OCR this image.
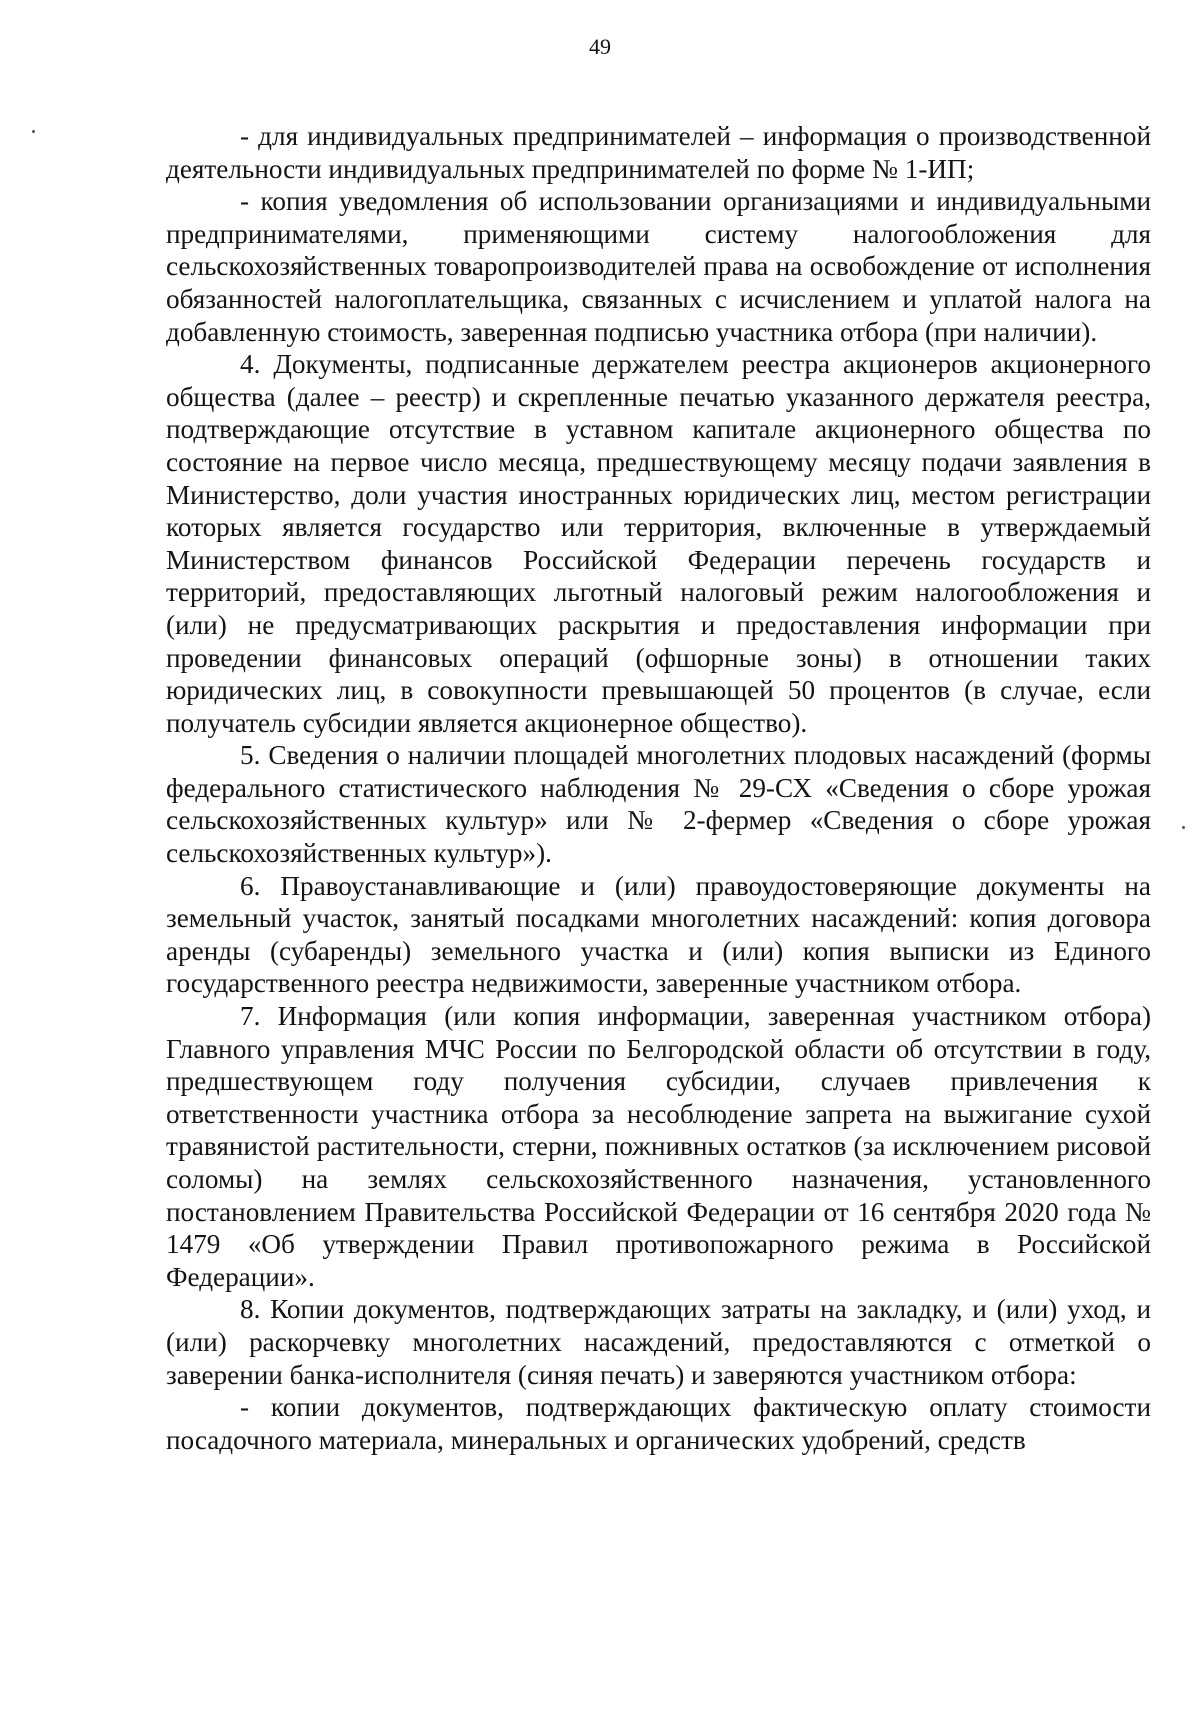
49

- для индивидуальных предпринимателей – информация о производственной деятельности индивидуальных предпринимателей по форме № 1-ИП;

- копия уведомления об использовании организациями и индивидуальными предпринимателями, применяющими систему налогообложения для сельскохозяйственных товаропроизводителей права на освобождение от исполнения обязанностей налогоплательщика, связанных с исчислением и уплатой налога на добавленную стоимость, заверенная подписью участника отбора (при наличии).

4. Документы, подписанные держателем реестра акционеров акционерного общества (далее – реестр) и скрепленные печатью указанного держателя реестра, подтверждающие отсутствие в уставном капитале акционерного общества по состояние на первое число месяца, предшествующему месяцу подачи заявления в Министерство, доли участия иностранных юридических лиц, местом регистрации которых является государство или территория, включенные в утверждаемый Министерством финансов Российской Федерации перечень государств и территорий, предоставляющих льготный налоговый режим налогообложения и (или) не предусматривающих раскрытия и предоставления информации при проведении финансовых операций (офшорные зоны) в отношении таких юридических лиц, в совокупности превышающей 50 процентов (в случае, если получатель субсидии является акционерное общество).

5. Сведения о наличии площадей многолетних плодовых насаждений (формы федерального статистического наблюдения № 29-СХ «Сведения о сборе урожая сельскохозяйственных культур» или № 2-фермер «Сведения о сборе урожая сельскохозяйственных культур»).

6. Правоустанавливающие и (или) правоудостоверяющие документы на земельный участок, занятый посадками многолетних насаждений: копия договора аренды (субаренды) земельного участка и (или) копия выписки из Единого государственного реестра недвижимости, заверенные участником отбора.

7. Информация (или копия информации, заверенная участником отбора) Главного управления МЧС России по Белгородской области об отсутствии в году, предшествующем году получения субсидии, случаев привлечения к ответственности участника отбора за несоблюдение запрета на выжигание сухой травянистой растительности, стерни, пожнивных остатков (за исключением рисовой соломы) на землях сельскохозяйственного назначения, установленного постановлением Правительства Российской Федерации от 16 сентября 2020 года № 1479 «Об утверждении Правил противопожарного режима в Российской Федерации».

8. Копии документов, подтверждающих затраты на закладку, и (или) уход, и (или) раскорчевку многолетних насаждений, предоставляются с отметкой о заверении банка-исполнителя (синяя печать) и заверяются участником отбора:

- копии документов, подтверждающих фактическую оплату стоимости посадочного материала, минеральных и органических удобрений, средств
